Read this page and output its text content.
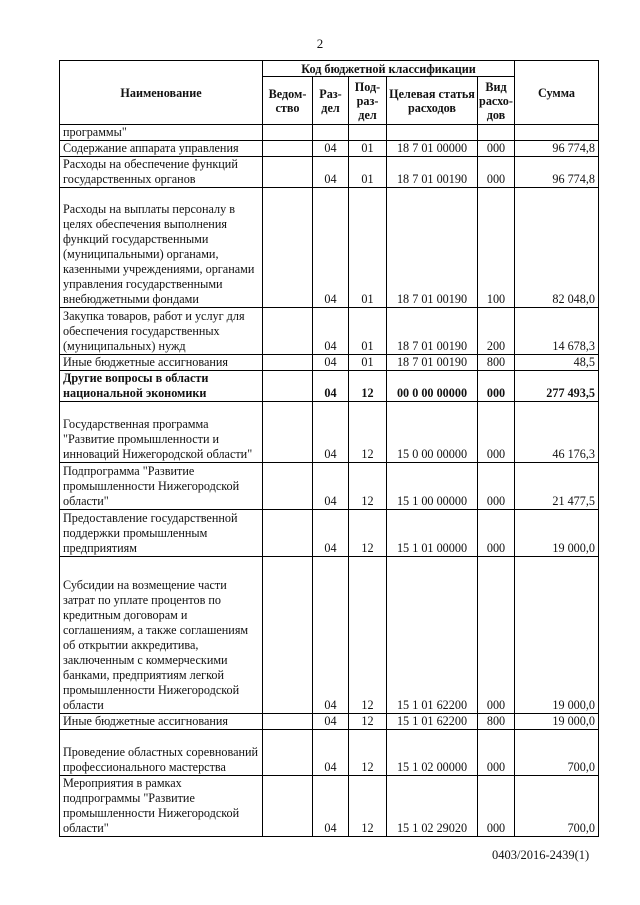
2
Наименование	Код бюджетной классификации					Сумма
	Ведом-ство	Раз-дел	Под-раз-дел	Целевая статья расходов	Вид расхо-дов	
программы"						
Содержание аппарата управления		04	01	18 7 01 00000	000	96 774,8
Расходы на обеспечение функций государственных органов		04	01	18 7 01 00190	000	96 774,8
Расходы на выплаты персоналу в целях обеспечения выполнения функций государственными (муниципальными) органами, казенными учреждениями, органами управления государственными внебюджетными фондами		04	01	18 7 01 00190	100	82 048,0
Закупка товаров, работ и услуг для обеспечения государственных (муниципальных) нужд		04	01	18 7 01 00190	200	14 678,3
Иные бюджетные ассигнования		04	01	18 7 01 00190	800	48,5
Другие вопросы в области национальной экономики		04	12	00 0 00 00000	000	277 493,5
Государственная программа "Развитие промышленности и инноваций Нижегородской области"		04	12	15 0 00 00000	000	46 176,3
Подпрограмма "Развитие промышленности Нижегородской области"		04	12	15 1 00 00000	000	21 477,5
Предоставление государственной поддержки промышленным предприятиям		04	12	15 1 01 00000	000	19 000,0
Субсидии на возмещение части затрат по уплате процентов по кредитным договорам и соглашениям, а также соглашениям об открытии аккредитива, заключенным с коммерческими банками, предприятиям легкой промышленности Нижегородской области		04	12	15 1 01 62200	000	19 000,0
Иные бюджетные ассигнования		04	12	15 1 01 62200	800	19 000,0
Проведение областных соревнований профессионального мастерства		04	12	15 1 02 00000	000	700,0
Мероприятия в рамках подпрограммы "Развитие промышленности Нижегородской области"		04	12	15 1 02 29020	000	700,0
0403/2016-2439(1)
